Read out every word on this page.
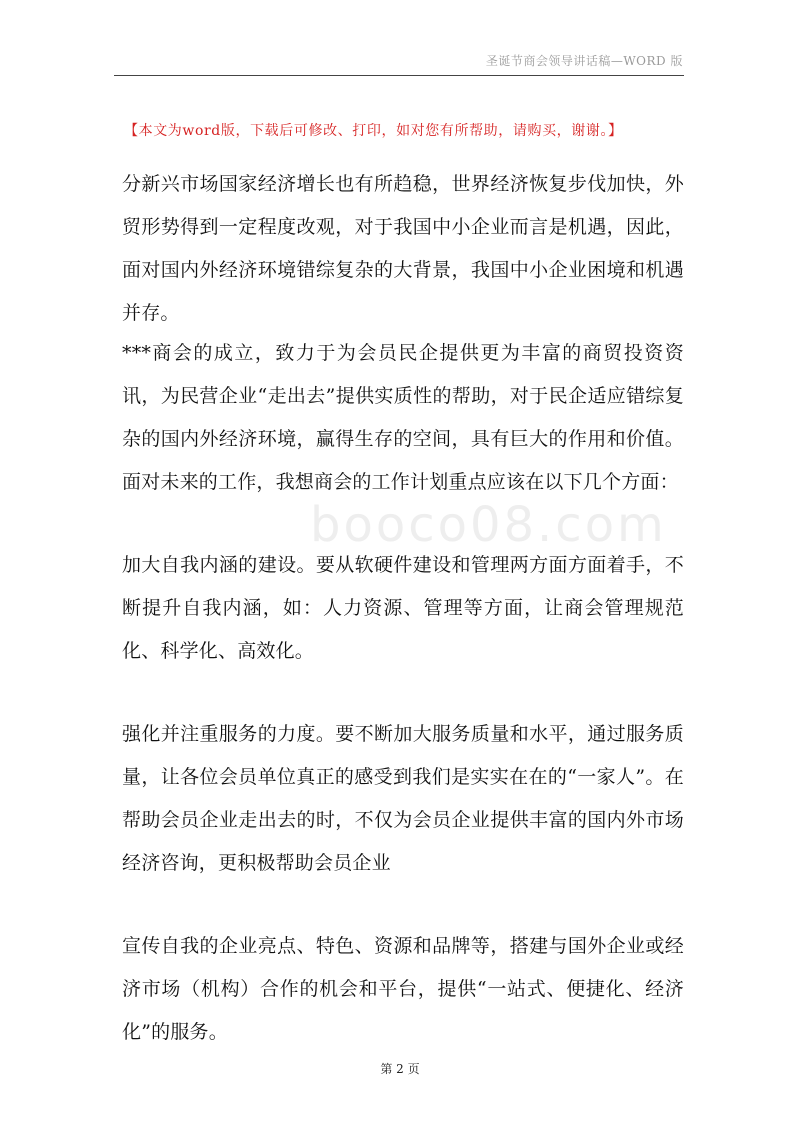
圣诞节商会领导讲话稿—WORD 版
【本文为word版，下载后可修改、打印，如对您有所帮助，请购买，谢谢。】
booco08.com

分新兴市场国家经济增长也有所趋稳，世界经济恢复步伐加快，外贸形势得到一定程度改观，对于我国中小企业而言是机遇，因此，面对国内外经济环境错综复杂的大背景，我国中小企业困境和机遇并存。

***商会的成立，致力于为会员民企提供更为丰富的商贸投资资讯，为民营企业“走出去”提供实质性的帮助，对于民企适应错综复杂的国内外经济环境，赢得生存的空间，具有巨大的作用和价值。面对未来的工作，我想商会的工作计划重点应该在以下几个方面：

加大自我内涵的建设。要从软硬件建设和管理两方面方面着手，不断提升自我内涵，如：人力资源、管理等方面，让商会管理规范化、科学化、高效化。

强化并注重服务的力度。要不断加大服务质量和水平，通过服务质量，让各位会员单位真正的感受到我们是实实在在的“一家人”。在帮助会员企业走出去的时，不仅为会员企业提供丰富的国内外市场经济咨询，更积极帮助会员企业

宣传自我的企业亮点、特色、资源和品牌等，搭建与国外企业或经济市场（机构）合作的机会和平台，提供“一站式、便捷化、经济化”的服务。

第 2 页
